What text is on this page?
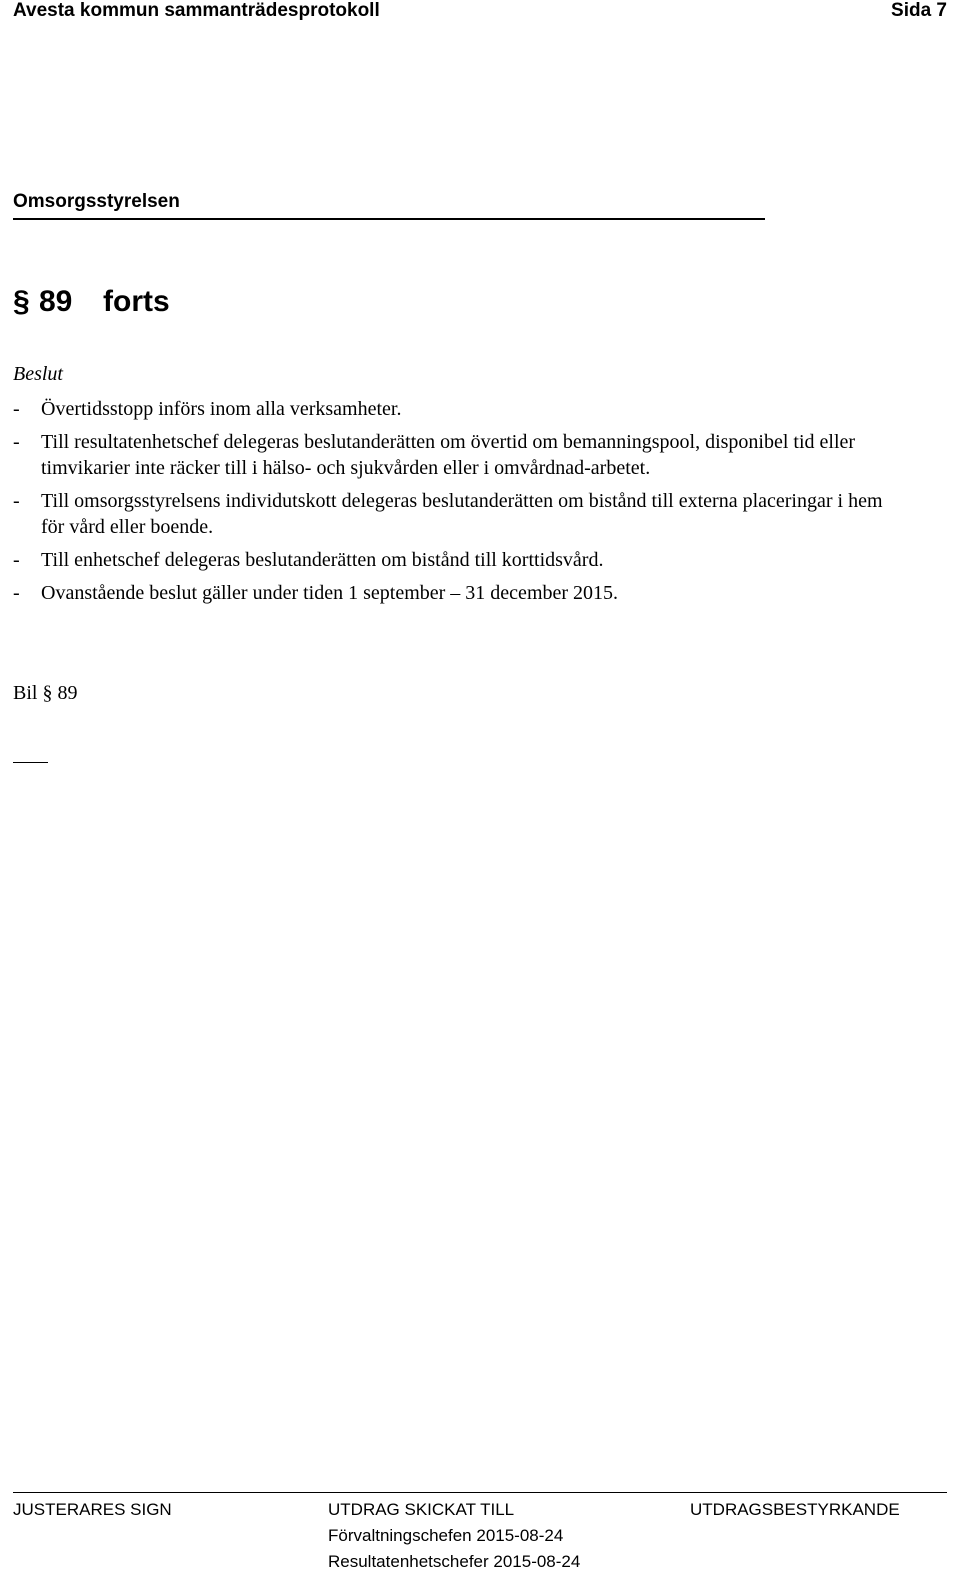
Avesta kommun sammanträdesprotokoll	Sida 7
Omsorgsstyrelsen
§ 89 forts
Beslut
- Övertidsstopp införs inom alla verksamheter.
- Till resultatenhetschef delegeras beslutanderätten om övertid om bemanningspool, disponibel tid eller timvikarier inte räcker till i hälso- och sjukvården eller i omvårdnad-arbetet.
- Till omsorgsstyrelsens individutskott delegeras beslutanderätten om bistånd till externa placeringar i hem för vård eller boende.
- Till enhetschef delegeras beslutanderätten om bistånd till korttidsvård.
- Ovanstående beslut gäller under tiden 1 september – 31 december 2015.
Bil § 89
JUSTERARES SIGN	UTDRAG SKICKAT TILL
Förvaltningschefen 2015-08-24
Resultatenhetschefer 2015-08-24
UTDRAGSBESTYRKANDE
